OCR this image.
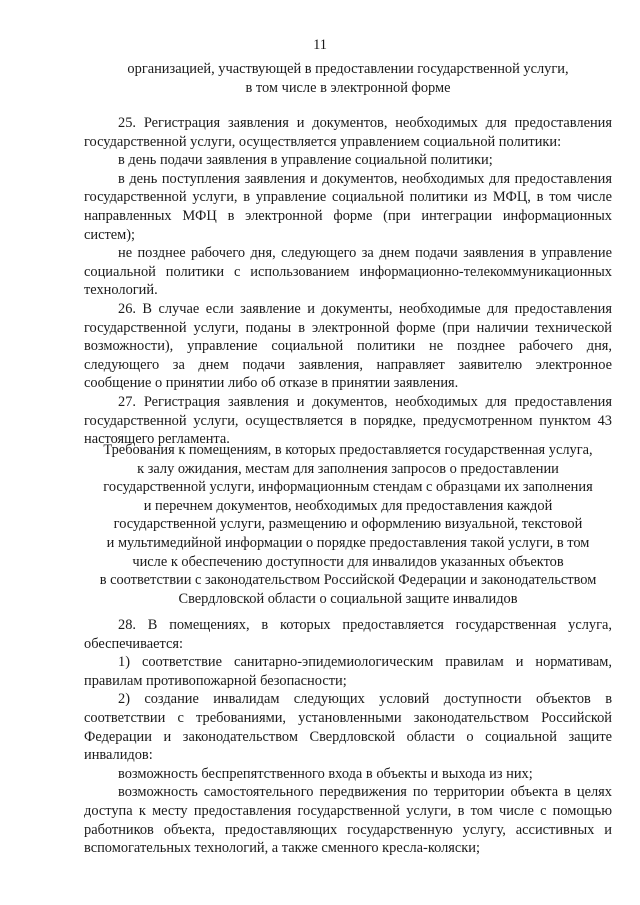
11

организацией, участвующей в предоставлении государственной услуги,

в том числе в электронной форме

25. Регистрация заявления и документов, необходимых для предоставления государственной услуги, осуществляется управлением социальной политики:

в день подачи заявления в управление социальной политики;

в день поступления заявления и документов, необходимых для предоставления государственной услуги, в управление социальной политики из МФЦ, в том числе направленных МФЦ в электронной форме (при интеграции информационных систем);

не позднее рабочего дня, следующего за днем подачи заявления в управление социальной политики с использованием информационно-телекоммуникационных технологий.

26. В случае если заявление и документы, необходимые для предоставления государственной услуги, поданы в электронной форме (при наличии технической возможности), управление социальной политики не позднее рабочего дня, следующего за днем подачи заявления, направляет заявителю электронное сообщение о принятии либо об отказе в принятии заявления.

27. Регистрация заявления и документов, необходимых для предоставления государственной услуги, осуществляется в порядке, предусмотренном пунктом 43 настоящего регламента.

Требования к помещениям, в которых предоставляется государственная услуга,

к залу ожидания, местам для заполнения запросов о предоставлении

государственной услуги, информационным стендам с образцами их заполнения

и перечнем документов, необходимых для предоставления каждой

государственной услуги, размещению и оформлению визуальной, текстовой

и мультимедийной информации о порядке предоставления такой услуги, в том

числе к обеспечению доступности для инвалидов указанных объектов

в соответствии с законодательством Российской Федерации и законодательством

Свердловской области о социальной защите инвалидов

28. В помещениях, в которых предоставляется государственная услуга, обеспечивается:

1) соответствие санитарно-эпидемиологическим правилам и нормативам, правилам противопожарной безопасности;

2) создание инвалидам следующих условий доступности объектов в соответствии с требованиями, установленными законодательством Российской Федерации и законодательством Свердловской области о социальной защите инвалидов:

возможность беспрепятственного входа в объекты и выхода из них;

возможность самостоятельного передвижения по территории объекта в целях доступа к месту предоставления государственной услуги, в том числе с помощью работников объекта, предоставляющих государственную услугу, ассистивных и вспомогательных технологий, а также сменного кресла-коляски;
